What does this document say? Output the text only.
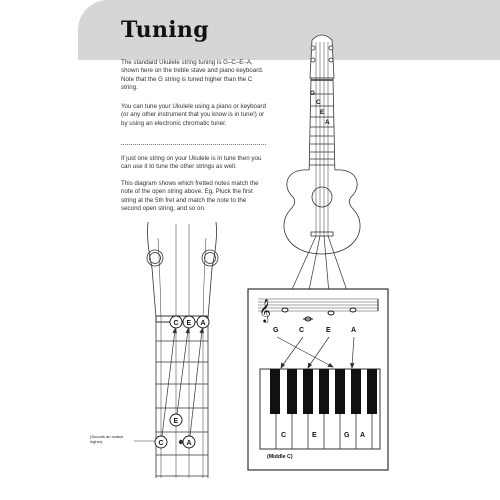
Tuning

The standard Ukulele string tuning is G–C–E–A, shown here on the treble stave and piano keyboard. Note that the G string is tuned higher than the C string.

You can tune your Ukulele using a piano or keyboard (or any other instrument that you know is in tune!) or by using an electronic chromatic tuner.

If just one string on your Ukulele is in tune then you can use it to tune the other strings as well.

This diagram shows which fretted notes match the note of the open string above. Eg. Pluck the first string at the 5th fret and match the note to the second open string, and so on.

G
C
E
A
𝄞
G	C	E	A
C	E	G A
(Middle C)
C E A
E
C	A
(Sounds an octave higher)
